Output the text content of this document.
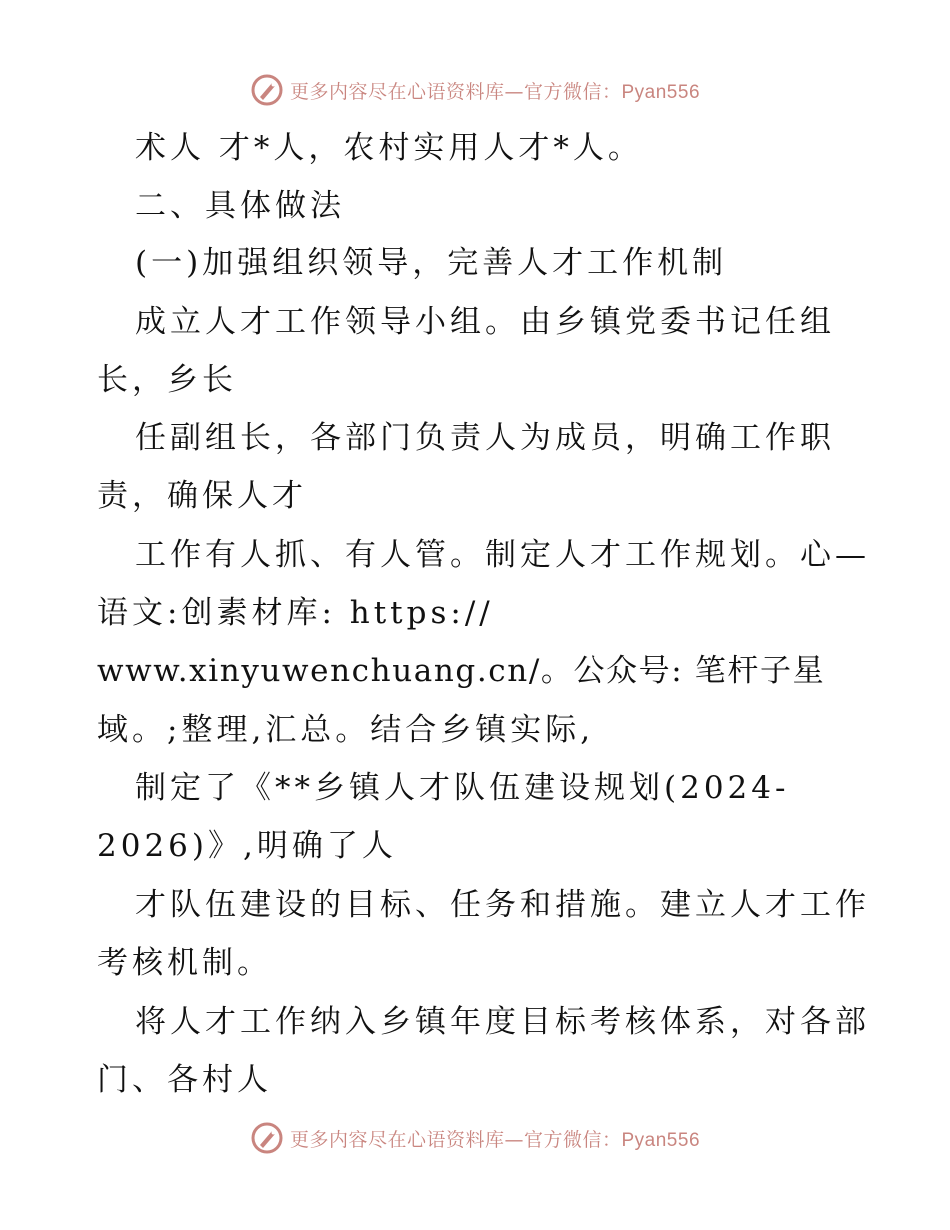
更多内容尽在心语资料库—官方微信：Pyan556
术人 才*人，农村实用人才*人。
二、具体做法
(一)加强组织领导，完善人才工作机制
成立人才工作领导小组。由乡镇党委书记任组
长，乡长
任副组长，各部门负责人为成员，明确工作职
责，确保人才
工作有人抓、有人管。制定人才工作规划。心—
语文:创素材库: https://
www.xinyuwenchuang.cn/。公众号: 笔杆子星
域。;整理,汇总。结合乡镇实际,
制定了《**乡镇人才队伍建设规划(2024-
2026)》,明确了人
才队伍建设的目标、任务和措施。建立人才工作
考核机制。
将人才工作纳入乡镇年度目标考核体系，对各部
门、各村人
更多内容尽在心语资料库—官方微信：Pyan556
